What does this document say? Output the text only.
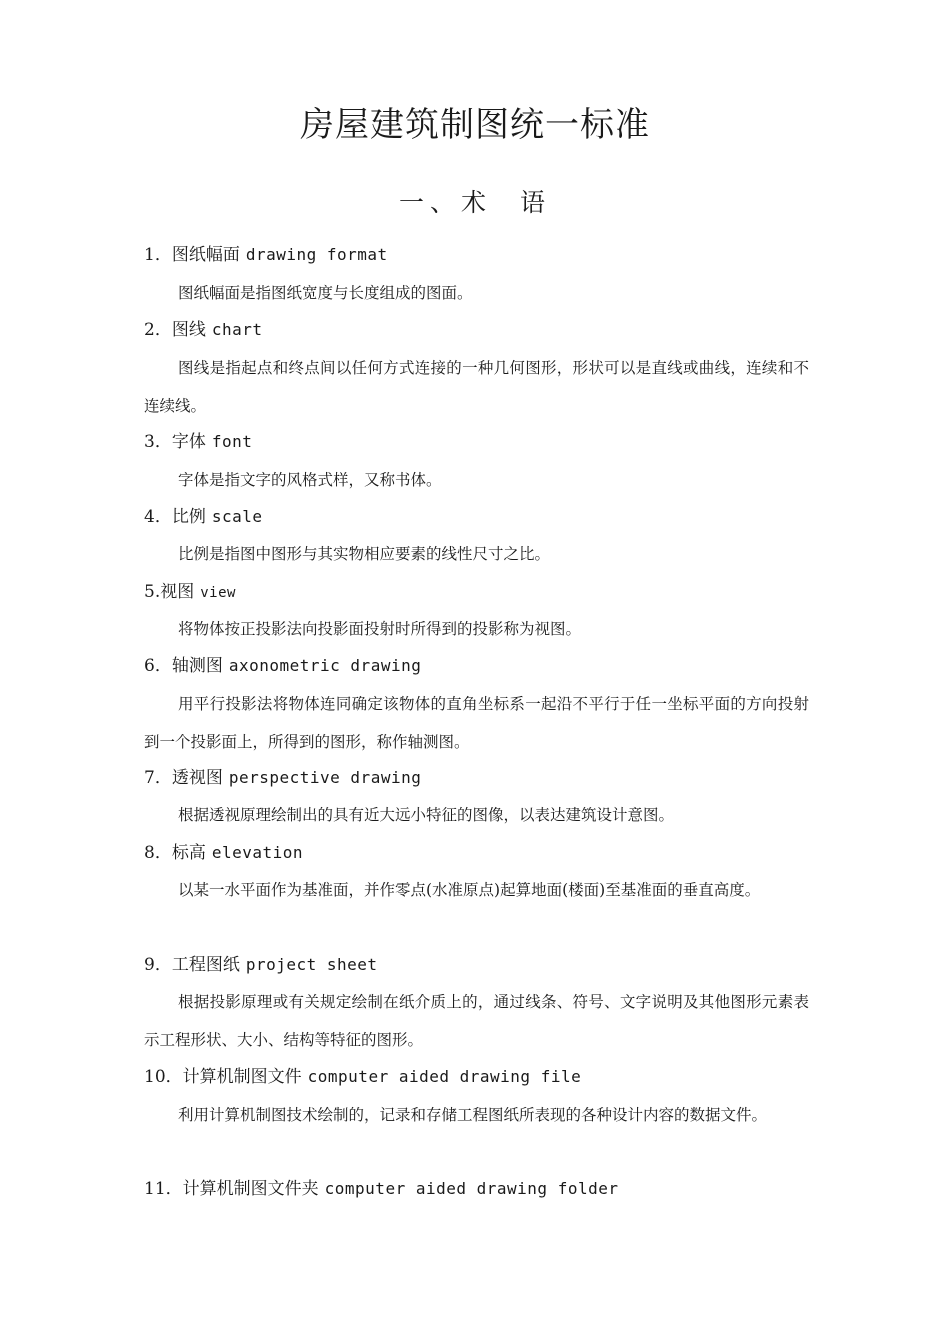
房屋建筑制图统一标准
一、术 语
1．图纸幅面 drawing format
图纸幅面是指图纸宽度与长度组成的图面。
2．图线 chart
图线是指起点和终点间以任何方式连接的一种几何图形，形状可以是直线或曲线，连续和不连续线。
3．字体 font
字体是指文字的风格式样，又称书体。
4．比例 scale
比例是指图中图形与其实物相应要素的线性尺寸之比。
5.视图 view
将物体按正投影法向投影面投射时所得到的投影称为视图。
6．轴测图 axonometric drawing
用平行投影法将物体连同确定该物体的直角坐标系一起沿不平行于任一坐标平面的方向投射到一个投影面上，所得到的图形，称作轴测图。
7．透视图 perspective drawing
根据透视原理绘制出的具有近大远小特征的图像，以表达建筑设计意图。
8．标高 elevation
以某一水平面作为基准面，并作零点(水准原点)起算地面(楼面)至基准面的垂直高度。
9．工程图纸 project sheet
根据投影原理或有关规定绘制在纸介质上的，通过线条、符号、文字说明及其他图形元素表示工程形状、大小、结构等特征的图形。
10．计算机制图文件 computer aided drawing file
利用计算机制图技术绘制的，记录和存储工程图纸所表现的各种设计内容的数据文件。
11．计算机制图文件夹 computer aided drawing folder
